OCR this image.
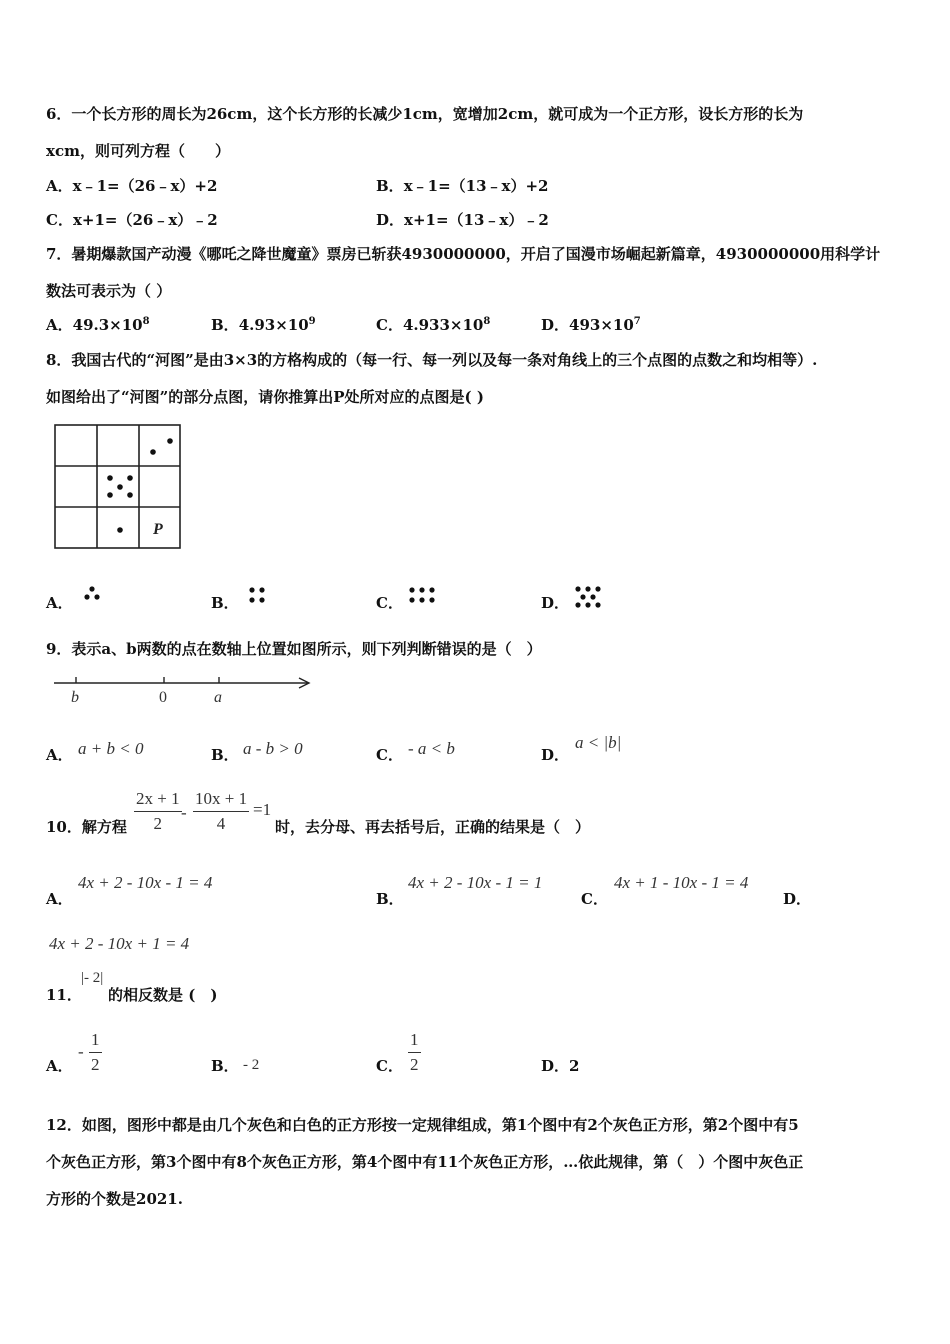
6．一个长方形的周长为26cm，这个长方形的长减少1cm，宽增加2cm，就可成为一个正方形，设长方形的长为
xcm，则可列方程（　　）
A．x﹣1=（26﹣x）+2	B．x﹣1=（13﹣x）+2
C．x+1=（26﹣x）﹣2	D．x+1=（13﹣x）﹣2
7．暑期爆款国产动漫《哪吒之降世魔童》票房已斩获4930000000，开启了国漫市场崛起新篇章，4930000000用科学计
数法可表示为（ ）
A．$49.3\times 10^8$	B．$4.93\times 10^9$	C．$4.933\times 10^8$	D．$493\times 10^7$
8．我国古代的“河图”是由3×3的方格构成的（每一行、每一列以及每一条对角线上的三个点图的点数之和均相等）.
如图给出了“河图”的部分点图，请你推算出P处所对应的点图是( )
P
A．	B．	C．	D．
9．表示a、b两数的点在数轴上位置如图所示，则下列判断错误的是（　）
b	0	a
A． a + b < 0	B． a - b > 0	C． - a < b	D．
a < |b|
10．解方程
2x + 1
2
-
10x + 1
4
=1
时，去分母、再去括号后，正确的结果是（　）
A．
4x + 2 - 10x - 1 = 4
B．
4x + 2 - 10x - 1 = 1
C．
4x + 1 - 10x - 1 = 4
D．
4x + 2 - 10x + 1 = 4
11．
|- 2|
的相反数是 (　)
A．
-
1
2	B． - 2	C．
1
2	D．2
12．如图，图形中都是由几个灰色和白色的正方形按一定规律组成，第1个图中有2个灰色正方形，第2个图中有5
个灰色正方形，第3个图中有8个灰色正方形，第4个图中有11个灰色正方形，…依此规律，第（　）个图中灰色正
方形的个数是2021.
